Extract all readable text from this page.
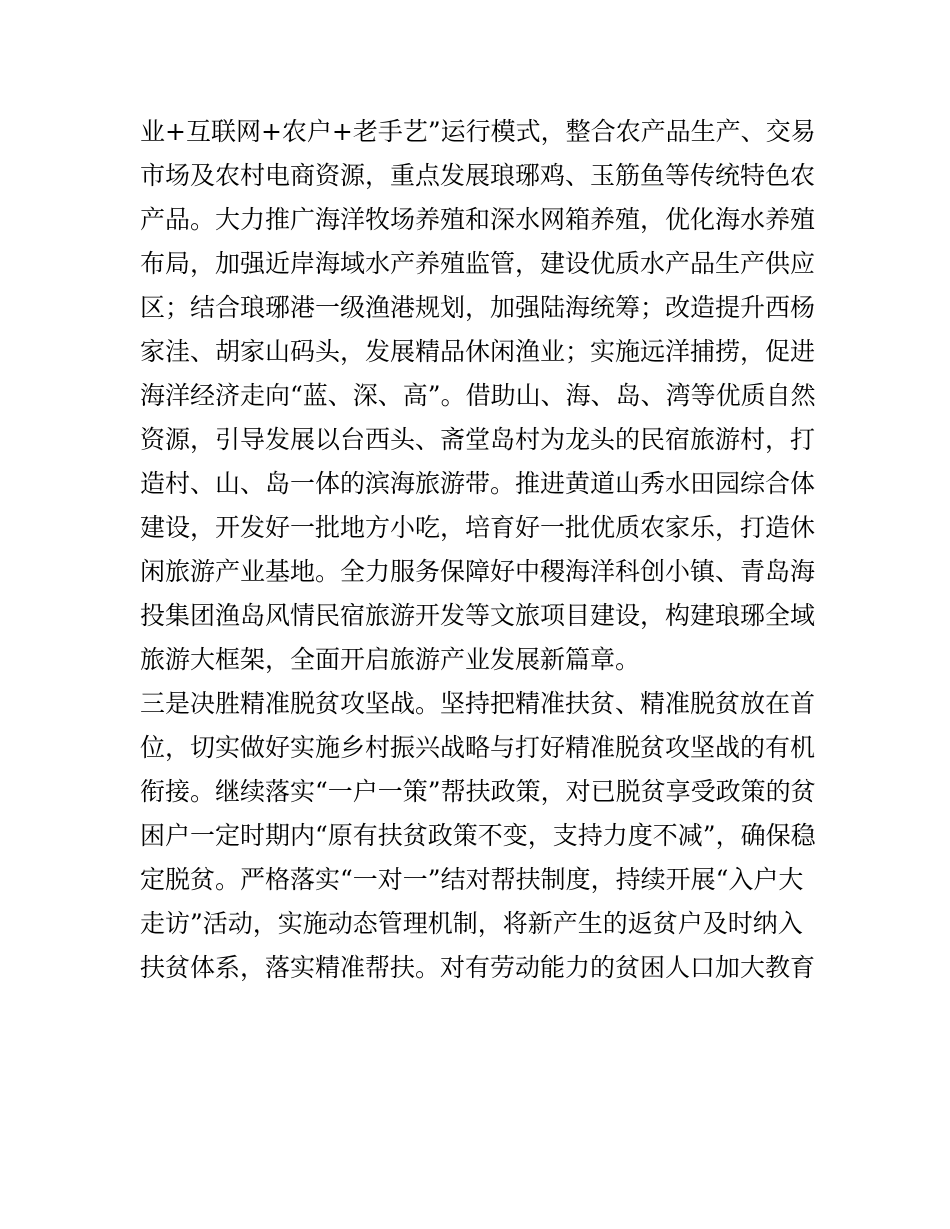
业+互联网+农户+老手艺”运行模式，整合农产品生产、交易
市场及农村电商资源，重点发展琅琊鸡、玉筋鱼等传统特色农
产品。大力推广海洋牧场养殖和深水网箱养殖，优化海水养殖
布局，加强近岸海域水产养殖监管，建设优质水产品生产供应
区；结合琅琊港一级渔港规划，加强陆海统筹；改造提升西杨
家洼、胡家山码头，发展精品休闲渔业；实施远洋捕捞，促进
海洋经济走向“蓝、深、高”。借助山、海、岛、湾等优质自然
资源，引导发展以台西头、斋堂岛村为龙头的民宿旅游村，打
造村、山、岛一体的滨海旅游带。推进黄道山秀水田园综合体
建设，开发好一批地方小吃，培育好一批优质农家乐，打造休
闲旅游产业基地。全力服务保障好中稷海洋科创小镇、青岛海
投集团渔岛风情民宿旅游开发等文旅项目建设，构建琅琊全域
旅游大框架，全面开启旅游产业发展新篇章。
三是决胜精准脱贫攻坚战。坚持把精准扶贫、精准脱贫放在首
位，切实做好实施乡村振兴战略与打好精准脱贫攻坚战的有机
衔接。继续落实“一户一策”帮扶政策，对已脱贫享受政策的贫
困户一定时期内“原有扶贫政策不变，支持力度不减”，确保稳
定脱贫。严格落实“一对一”结对帮扶制度，持续开展“入户大
走访”活动，实施动态管理机制，将新产生的返贫户及时纳入
扶贫体系，落实精准帮扶。对有劳动能力的贫困人口加大教育
